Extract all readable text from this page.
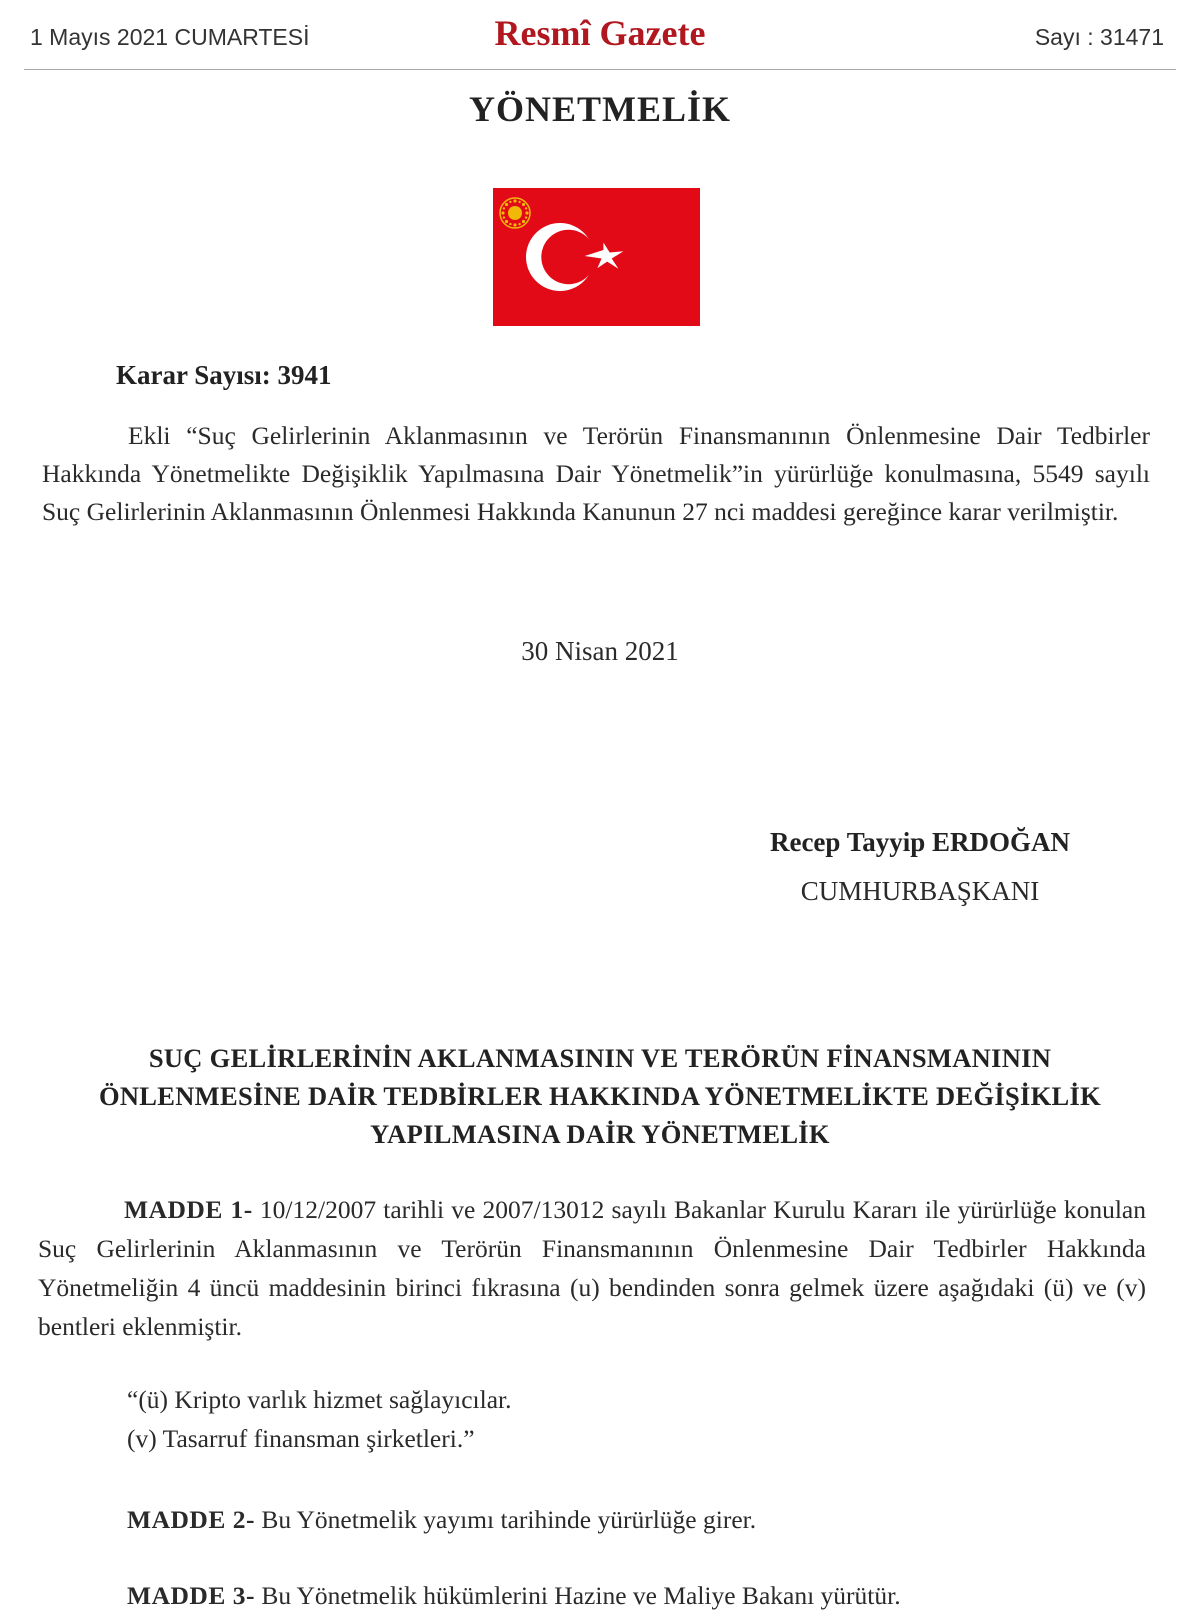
1 Mayıs 2021 CUMARTESİ	Resmî Gazete	Sayı : 31471
YÖNETMELİK
Karar Sayısı: 3941
Ekli “Suç Gelirlerinin Aklanmasının ve Terörün Finansmanının Önlenmesine Dair Tedbirler Hakkında Yönetmelikte Değişiklik Yapılmasına Dair Yönetmelik”in yürürlüğe konulmasına, 5549 sayılı Suç Gelirlerinin Aklanmasının Önlenmesi Hakkında Kanunun 27 nci maddesi gereğince karar verilmiştir.
30 Nisan 2021
Recep Tayyip ERDOĞAN
CUMHURBAŞKANI
SUÇ GELİRLERİNİN AKLANMASININ VE TERÖRÜN FİNANSMANININ
ÖNLENMESİNE DAİR TEDBİRLER HAKKINDA YÖNETMELİKTE DEĞİŞİKLİK
YAPILMASINA DAİR YÖNETMELİK
MADDE 1- 10/12/2007 tarihli ve 2007/13012 sayılı Bakanlar Kurulu Kararı ile yürürlüğe konulan Suç Gelirlerinin Aklanmasının ve Terörün Finansmanının Önlenmesine Dair Tedbirler Hakkında Yönetmeliğin 4 üncü maddesinin birinci fıkrasına (u) bendinden sonra gelmek üzere aşağıdaki (ü) ve (v) bentleri eklenmiştir.
“(ü) Kripto varlık hizmet sağlayıcılar.
(v) Tasarruf finansman şirketleri.”
MADDE 2- Bu Yönetmelik yayımı tarihinde yürürlüğe girer.
MADDE 3- Bu Yönetmelik hükümlerini Hazine ve Maliye Bakanı yürütür.
